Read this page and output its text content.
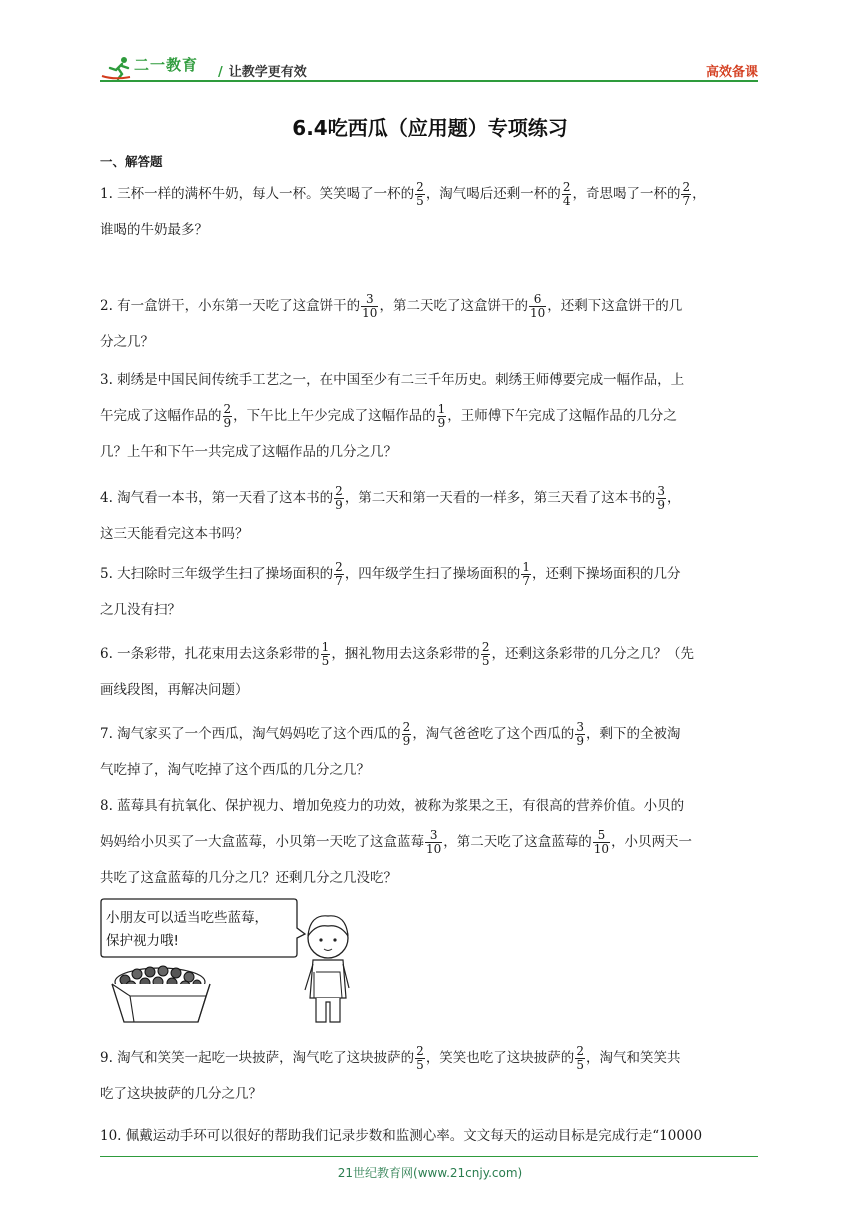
二一教育 / 让教学更有效	高效备课
6.4吃西瓜（应用题）专项练习
一、解答题
1. 三杯一样的满杯牛奶，每人一杯。笑笑喝了一杯的 $\frac{2}{5}$ ，淘气喝后还剩一杯的 $\frac{2}{4}$ ，奇思喝了一杯的 $\frac{2}{7}$ ，
谁喝的牛奶最多？
2. 有一盒饼干，小东第一天吃了这盒饼干的 $\frac{3}{10}$ ，第二天吃了这盒饼干的 $\frac{6}{10}$ ，还剩下这盒饼干的几
分之几？
3. 刺绣是中国民间传统手工艺之一，在中国至少有二三千年历史。刺绣王师傅要完成一幅作品，上
午完成了这幅作品的 $\frac{2}{9}$ ，下午比上午少完成了这幅作品的 $\frac{1}{9}$ ，王师傅下午完成了这幅作品的几分之
几？上午和下午一共完成了这幅作品的几分之几？
4. 淘气看一本书，第一天看了这本书的 $\frac{2}{9}$ ，第二天和第一天看的一样多，第三天看了这本书的 $\frac{3}{9}$ ，
这三天能看完这本书吗？
5. 大扫除时三年级学生扫了操场面积的 $\frac{2}{7}$ ，四年级学生扫了操场面积的 $\frac{1}{7}$ ，还剩下操场面积的几分
之几没有扫？
6. 一条彩带，扎花束用去这条彩带的 $\frac{1}{5}$ ，捆礼物用去这条彩带的 $\frac{2}{5}$ ，还剩这条彩带的几分之几？（先
画线段图，再解决问题）
7. 淘气家买了一个西瓜，淘气妈妈吃了这个西瓜的 $\frac{2}{9}$ ，淘气爸爸吃了这个西瓜的 $\frac{3}{9}$ ，剩下的全被淘
气吃掉了，淘气吃掉了这个西瓜的几分之几？
8. 蓝莓具有抗氧化、保护视力、增加免疫力的功效，被称为浆果之王，有很高的营养价值。小贝的
妈妈给小贝买了一大盒蓝莓，小贝第一天吃了这盒蓝莓 $\frac{3}{10}$ ，第二天吃了这盒蓝莓的 $\frac{5}{10}$ ，小贝两天一
共吃了这盒蓝莓的几分之几？还剩几分之几没吃？
小朋友可以适当吃些蓝莓，
保护视力哦!
9. 淘气和笑笑一起吃一块披萨，淘气吃了这块披萨的 $\frac{2}{5}$ ，笑笑也吃了这块披萨的 $\frac{2}{5}$ ，淘气和笑笑共
吃了这块披萨的几分之几？
10. 佩戴运动手环可以很好的帮助我们记录步数和监测心率。文文每天的运动目标是完成行走“10000
21世纪教育网(www.21cnjy.com)
